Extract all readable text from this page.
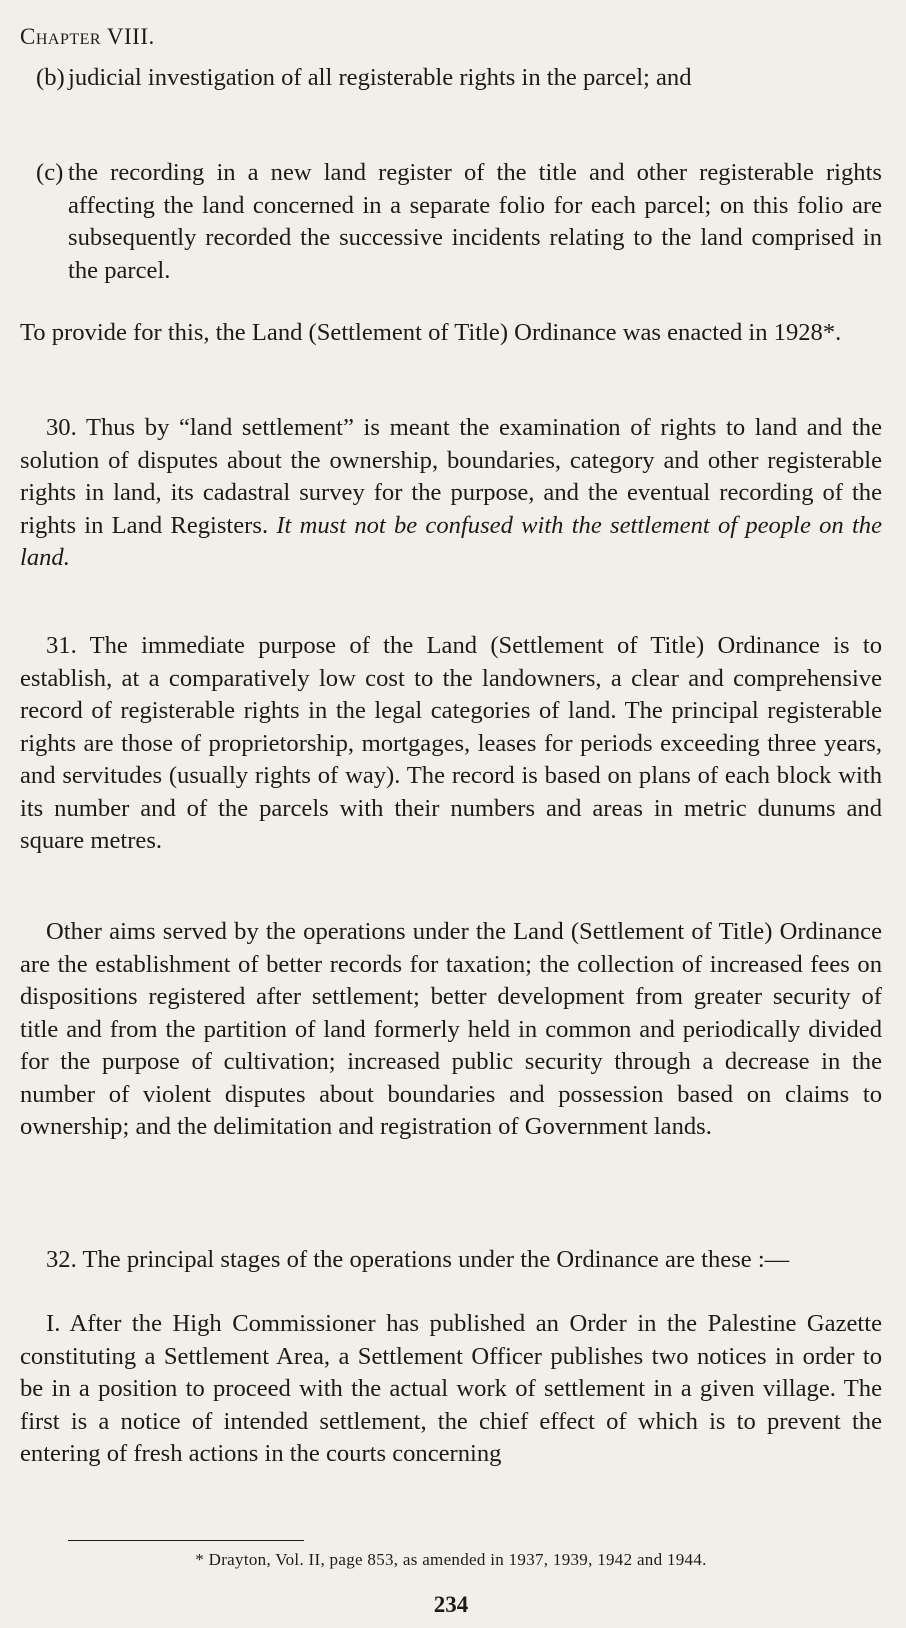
Chapter VIII.
(b) judicial investigation of all registerable rights in the parcel; and
(c) the recording in a new land register of the title and other registerable rights affecting the land concerned in a separate folio for each parcel; on this folio are subsequently recorded the successive incidents relating to the land comprised in the parcel.
To provide for this, the Land (Settlement of Title) Ordinance was enacted in 1928*.
30. Thus by “land settlement” is meant the examination of rights to land and the solution of disputes about the ownership, boundaries, category and other registerable rights in land, its cadastral survey for the purpose, and the eventual recording of the rights in Land Registers. It must not be confused with the settlement of people on the land.
31. The immediate purpose of the Land (Settlement of Title) Ordinance is to establish, at a comparatively low cost to the landowners, a clear and comprehensive record of registerable rights in the legal categories of land. The principal registerable rights are those of proprietorship, mortgages, leases for periods exceeding three years, and servitudes (usually rights of way). The record is based on plans of each block with its number and of the parcels with their numbers and areas in metric dunums and square metres.
Other aims served by the operations under the Land (Settlement of Title) Ordinance are the establishment of better records for taxation; the collection of increased fees on dispositions registered after settlement; better development from greater security of title and from the partition of land formerly held in common and periodically divided for the purpose of cultivation; increased public security through a decrease in the number of violent disputes about boundaries and possession based on claims to ownership; and the delimitation and registration of Government lands.
32. The principal stages of the operations under the Ordinance are these :—
I. After the High Commissioner has published an Order in the Palestine Gazette constituting a Settlement Area, a Settlement Officer publishes two notices in order to be in a position to proceed with the actual work of settlement in a given village. The first is a notice of intended settlement, the chief effect of which is to prevent the entering of fresh actions in the courts concerning
* Drayton, Vol. II, page 853, as amended in 1937, 1939, 1942 and 1944.
234
